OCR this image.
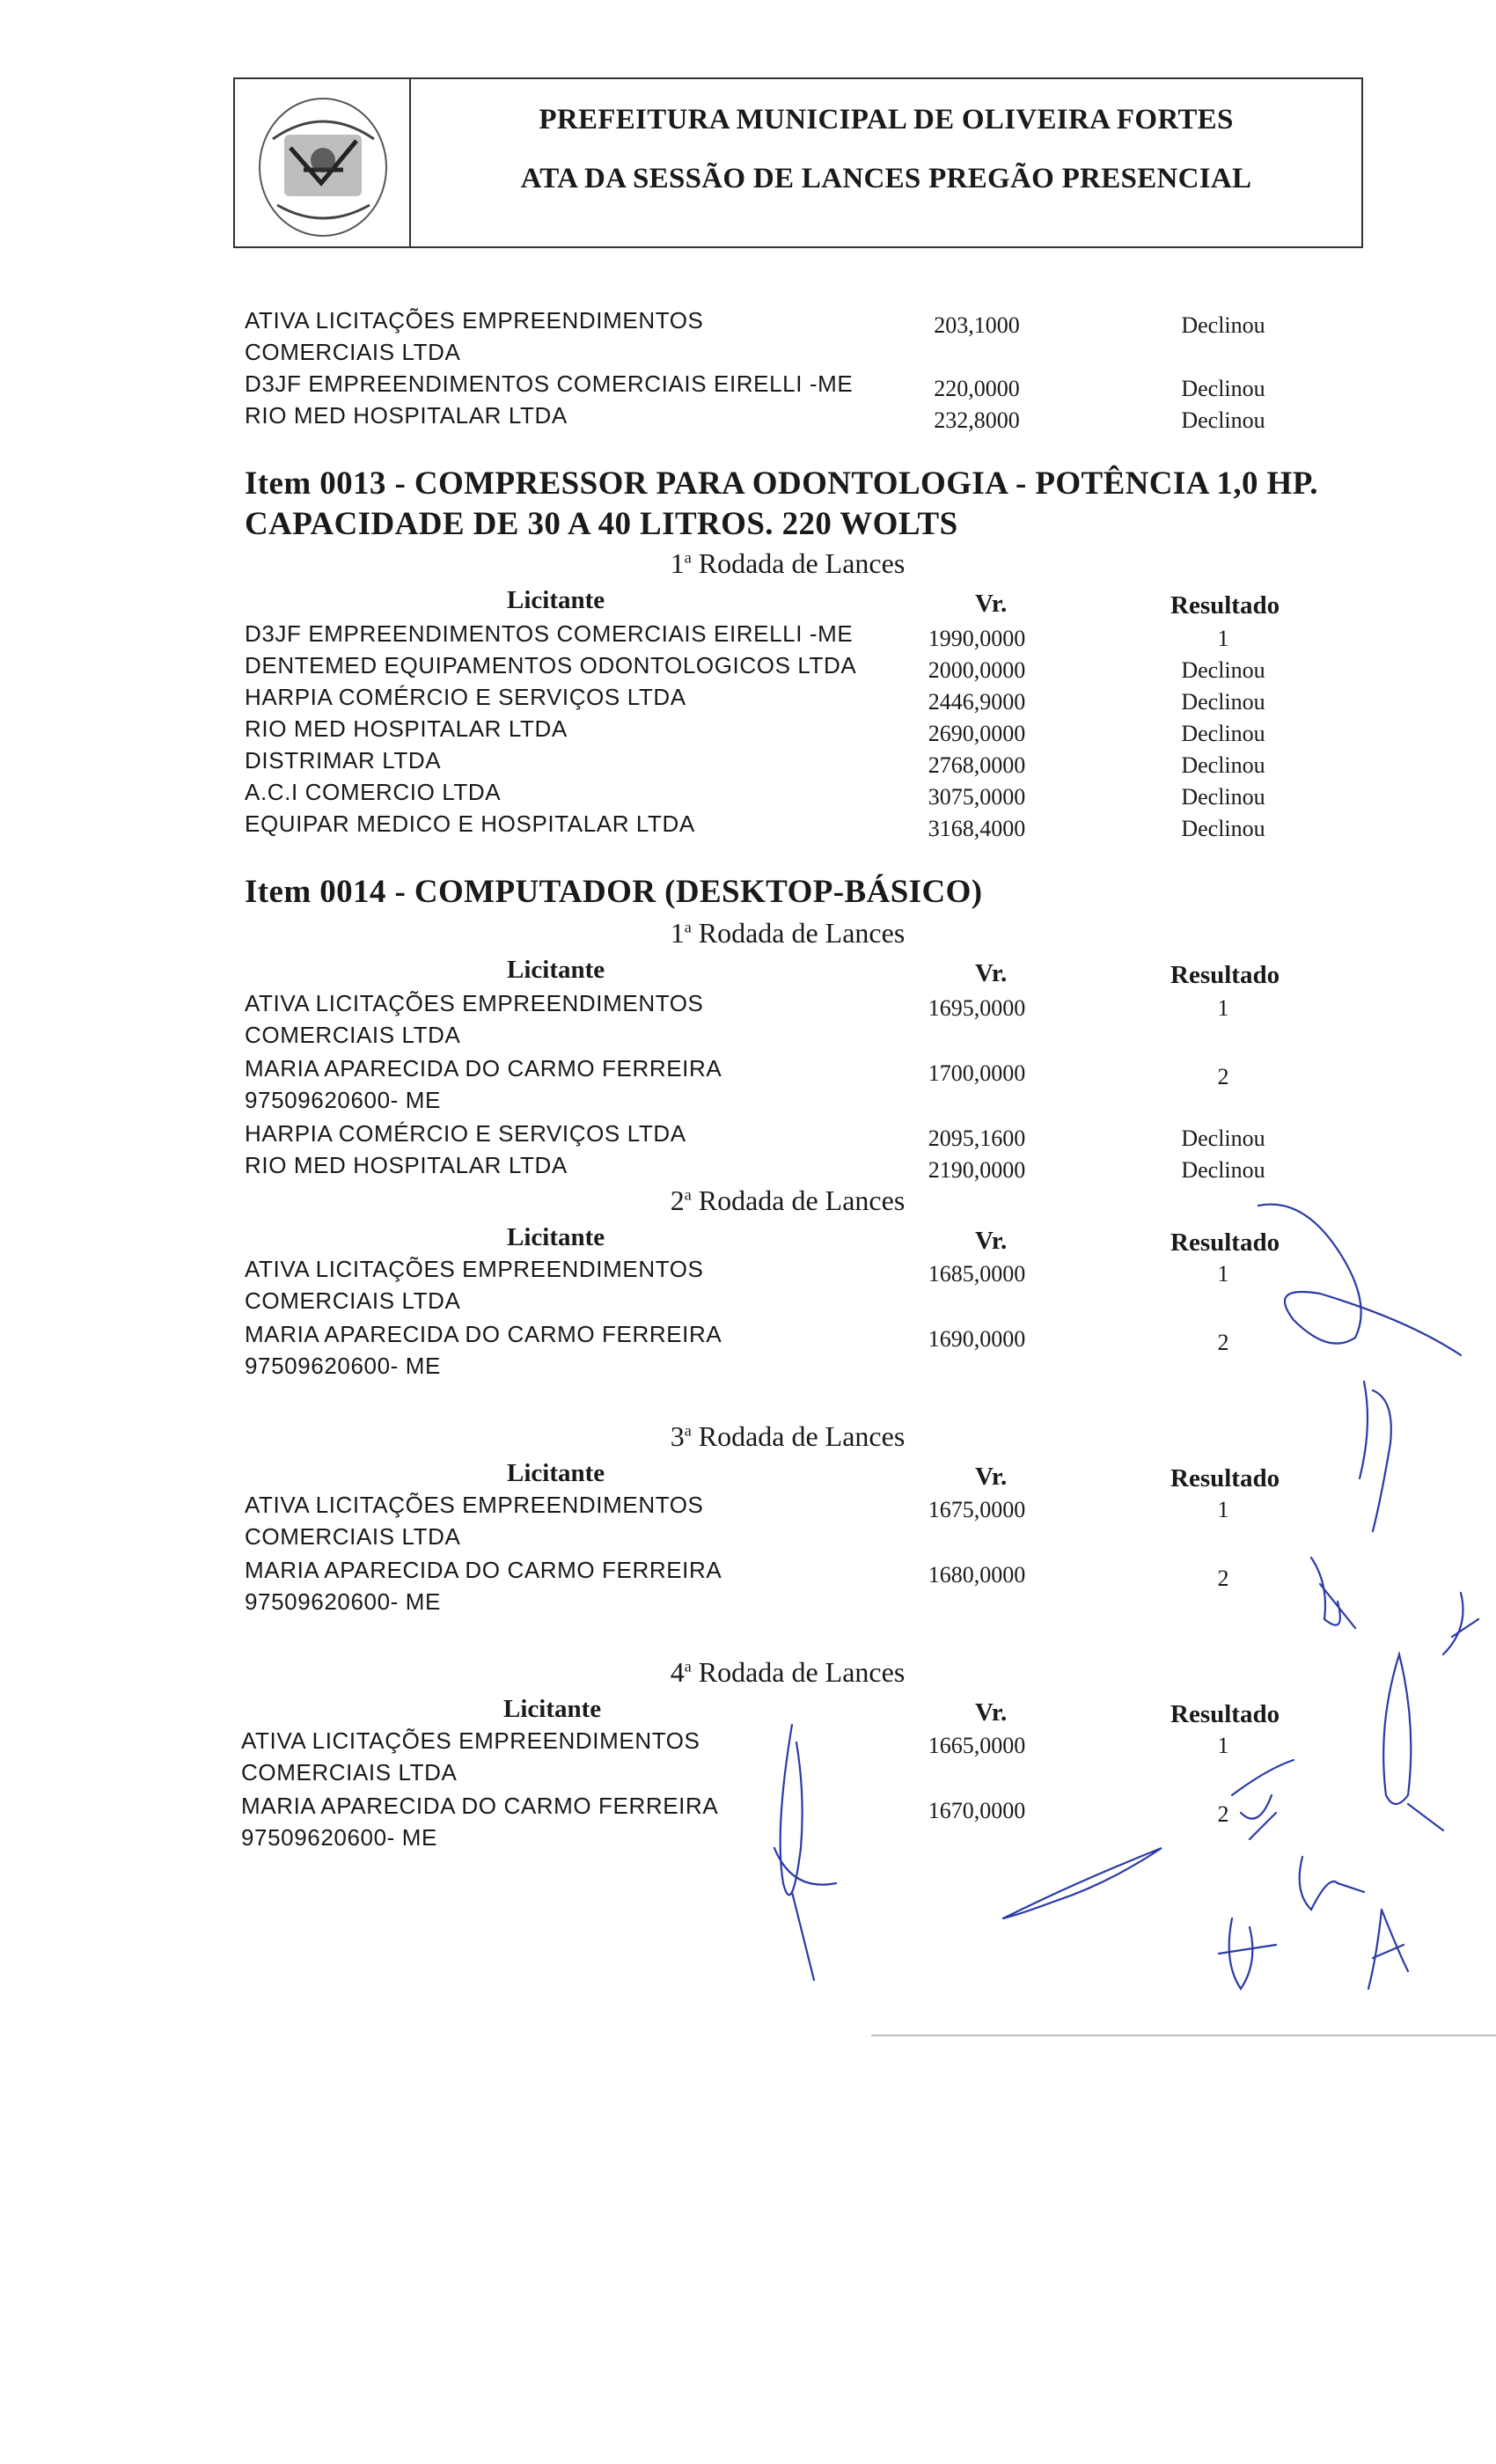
PREFEITURA MUNICIPAL DE OLIVEIRA FORTES
ATA DA SESSÃO DE LANCES PREGÃO PRESENCIAL
ATIVA LICITAÇÕES EMPREENDIMENTOS
COMERCIAIS LTDA
203,1000	Declinou
D3JF EMPREENDIMENTOS COMERCIAIS EIRELLI -ME	220,0000	Declinou
RIO MED HOSPITALAR LTDA	232,8000	Declinou
Item 0013 - COMPRESSOR PARA ODONTOLOGIA - POTÊNCIA 1,0 HP.
CAPACIDADE DE 30 A 40 LITROS. 220 WOLTS
1$^a$ Rodada de Lances
Licitante	Vr.	Resultado
D3JF EMPREENDIMENTOS COMERCIAIS EIRELLI -ME	1990,0000	1
DENTEMED EQUIPAMENTOS ODONTOLOGICOS LTDA	2000,0000	Declinou
HARPIA COMÉRCIO E SERVIÇOS LTDA	2446,9000	Declinou
RIO MED HOSPITALAR LTDA	2690,0000	Declinou
DISTRIMAR LTDA	2768,0000	Declinou
A.C.I COMERCIO LTDA	3075,0000	Declinou
EQUIPAR MEDICO E HOSPITALAR LTDA	3168,4000	Declinou
Item 0014 - COMPUTADOR (DESKTOP-BÁSICO)
1$^a$ Rodada de Lances
Licitante	Vr.	Resultado
ATIVA LICITAÇÕES EMPREENDIMENTOS
COMERCIAIS LTDA
1695,0000	1
MARIA APARECIDA DO CARMO FERREIRA
97509620600- ME
1700,0000	2
HARPIA COMÉRCIO E SERVIÇOS LTDA	2095,1600	Declinou
RIO MED HOSPITALAR LTDA	2190,0000	Declinou
2$^a$ Rodada de Lances
Licitante	Vr.	Resultado
ATIVA LICITAÇÕES EMPREENDIMENTOS
COMERCIAIS LTDA
1685,0000	1
MARIA APARECIDA DO CARMO FERREIRA
97509620600- ME
1690,0000	2
3$^a$ Rodada de Lances
Licitante	Vr.	Resultado
ATIVA LICITAÇÕES EMPREENDIMENTOS
COMERCIAIS LTDA
1675,0000	1
MARIA APARECIDA DO CARMO FERREIRA
97509620600- ME
1680,0000	2
4$^a$ Rodada de Lances
Licitante	Vr.	Resultado
ATIVA LICITAÇÕES EMPREENDIMENTOS
COMERCIAIS LTDA
1665,0000	1
MARIA APARECIDA DO CARMO FERREIRA
97509620600- ME
1670,0000	2
